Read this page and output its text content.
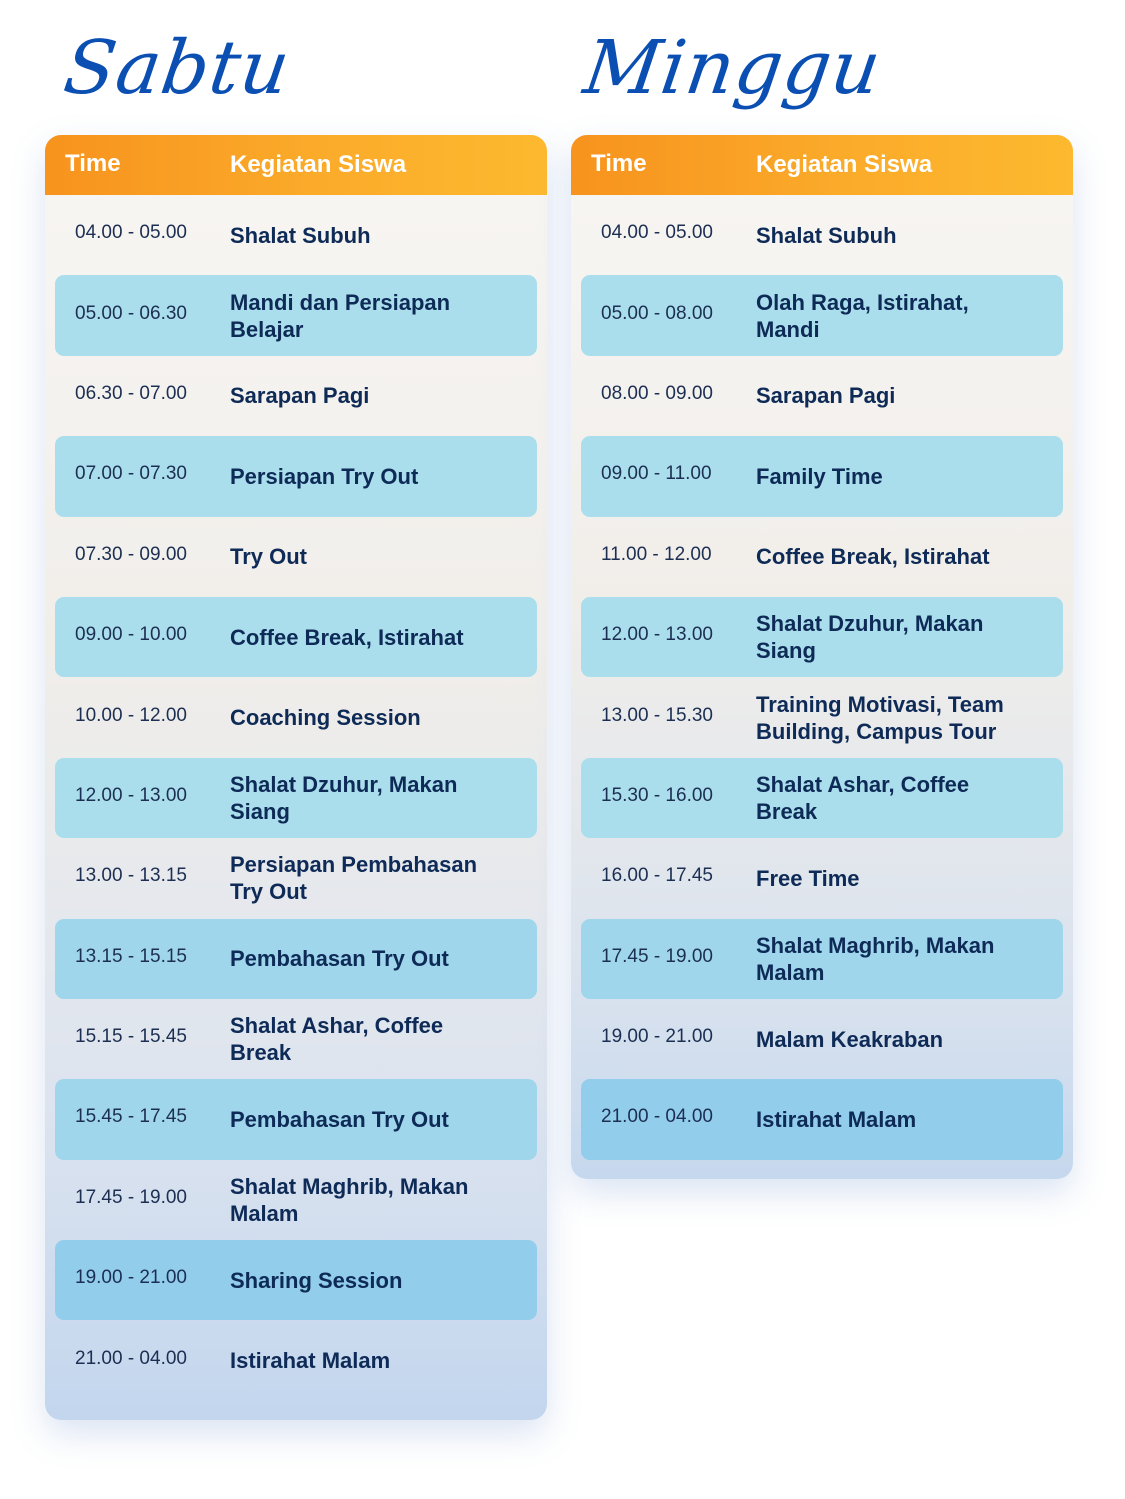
Sabtu	Minggu
Time	Kegiatan Siswa
04.00 - 05.00 Shalat Subuh
05.00 - 06.30 Mandi dan Persiapan Belajar
06.30 - 07.00 Sarapan Pagi
07.00 - 07.30 Persiapan Try Out
07.30 - 09.00 Try Out
09.00 - 10.00 Coffee Break, Istirahat
10.00 - 12.00 Coaching Session
12.00 - 13.00 Shalat Dzuhur, Makan Siang
13.00 - 13.15 Persiapan Pembahasan Try Out
13.15 - 15.15 Pembahasan Try Out
15.15 - 15.45 Shalat Ashar, Coffee Break
15.45 - 17.45 Pembahasan Try Out
17.45 - 19.00 Shalat Maghrib, Makan Malam
19.00 - 21.00 Sharing Session
21.00 - 04.00 Istirahat Malam
Time	Kegiatan Siswa
04.00 - 05.00 Shalat Subuh
05.00 - 08.00 Olah Raga, Istirahat, Mandi
08.00 - 09.00 Sarapan Pagi
09.00 - 11.00 Family Time
11.00 - 12.00 Coffee Break, Istirahat
12.00 - 13.00 Shalat Dzuhur, Makan Siang
13.00 - 15.30 Training Motivasi, Team Building, Campus Tour
15.30 - 16.00 Shalat Ashar, Coffee Break
16.00 - 17.45 Free Time
17.45 - 19.00 Shalat Maghrib, Makan Malam
19.00 - 21.00 Malam Keakraban
21.00 - 04.00 Istirahat Malam
